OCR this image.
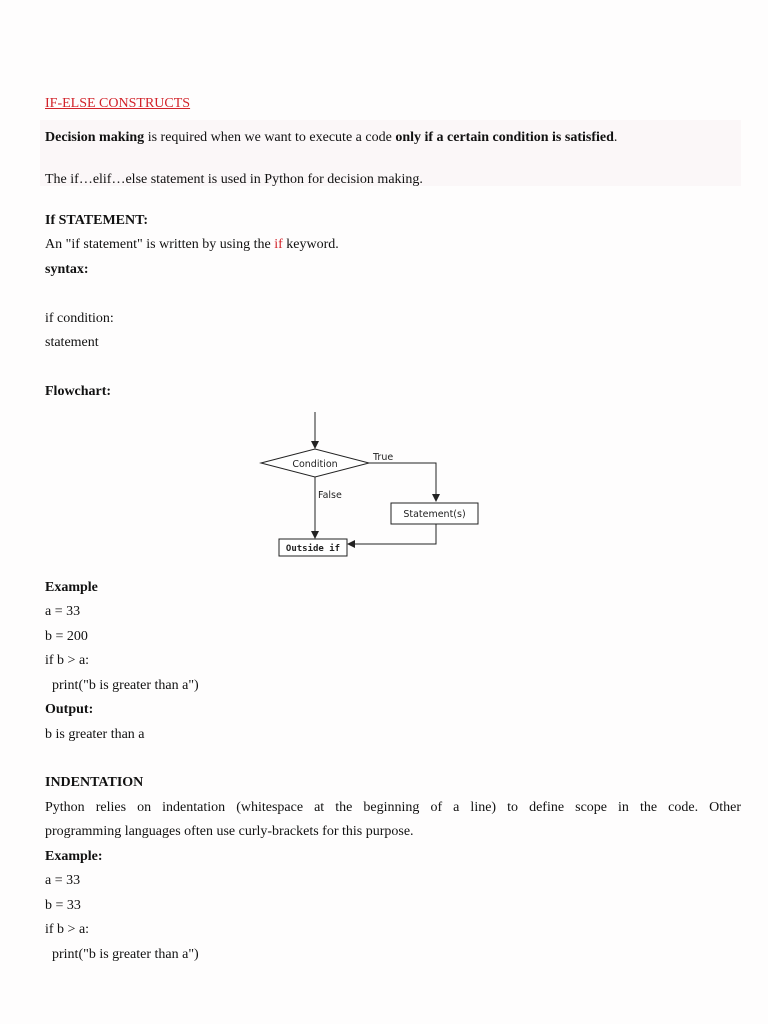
IF-ELSE CONSTRUCTS
Decision making is required when we want to execute a code only if a certain condition is satisfied.
The if…elif…else statement is used in Python for decision making.
If STATEMENT:
An "if statement" is written by using the if keyword.
syntax:
if condition:
statement
Flowchart:
Condition
True
Statement(s)
False
Outside if
Example
a = 33
b = 200
if b > a:
print("b is greater than a")
Output:
b is greater than a
INDENTATION
Python relies on indentation (whitespace at the beginning of a line) to define scope in the code. Other
programming languages often use curly-brackets for this purpose.
Example:
a = 33
b = 33
if b > a:
print("b is greater than a")
